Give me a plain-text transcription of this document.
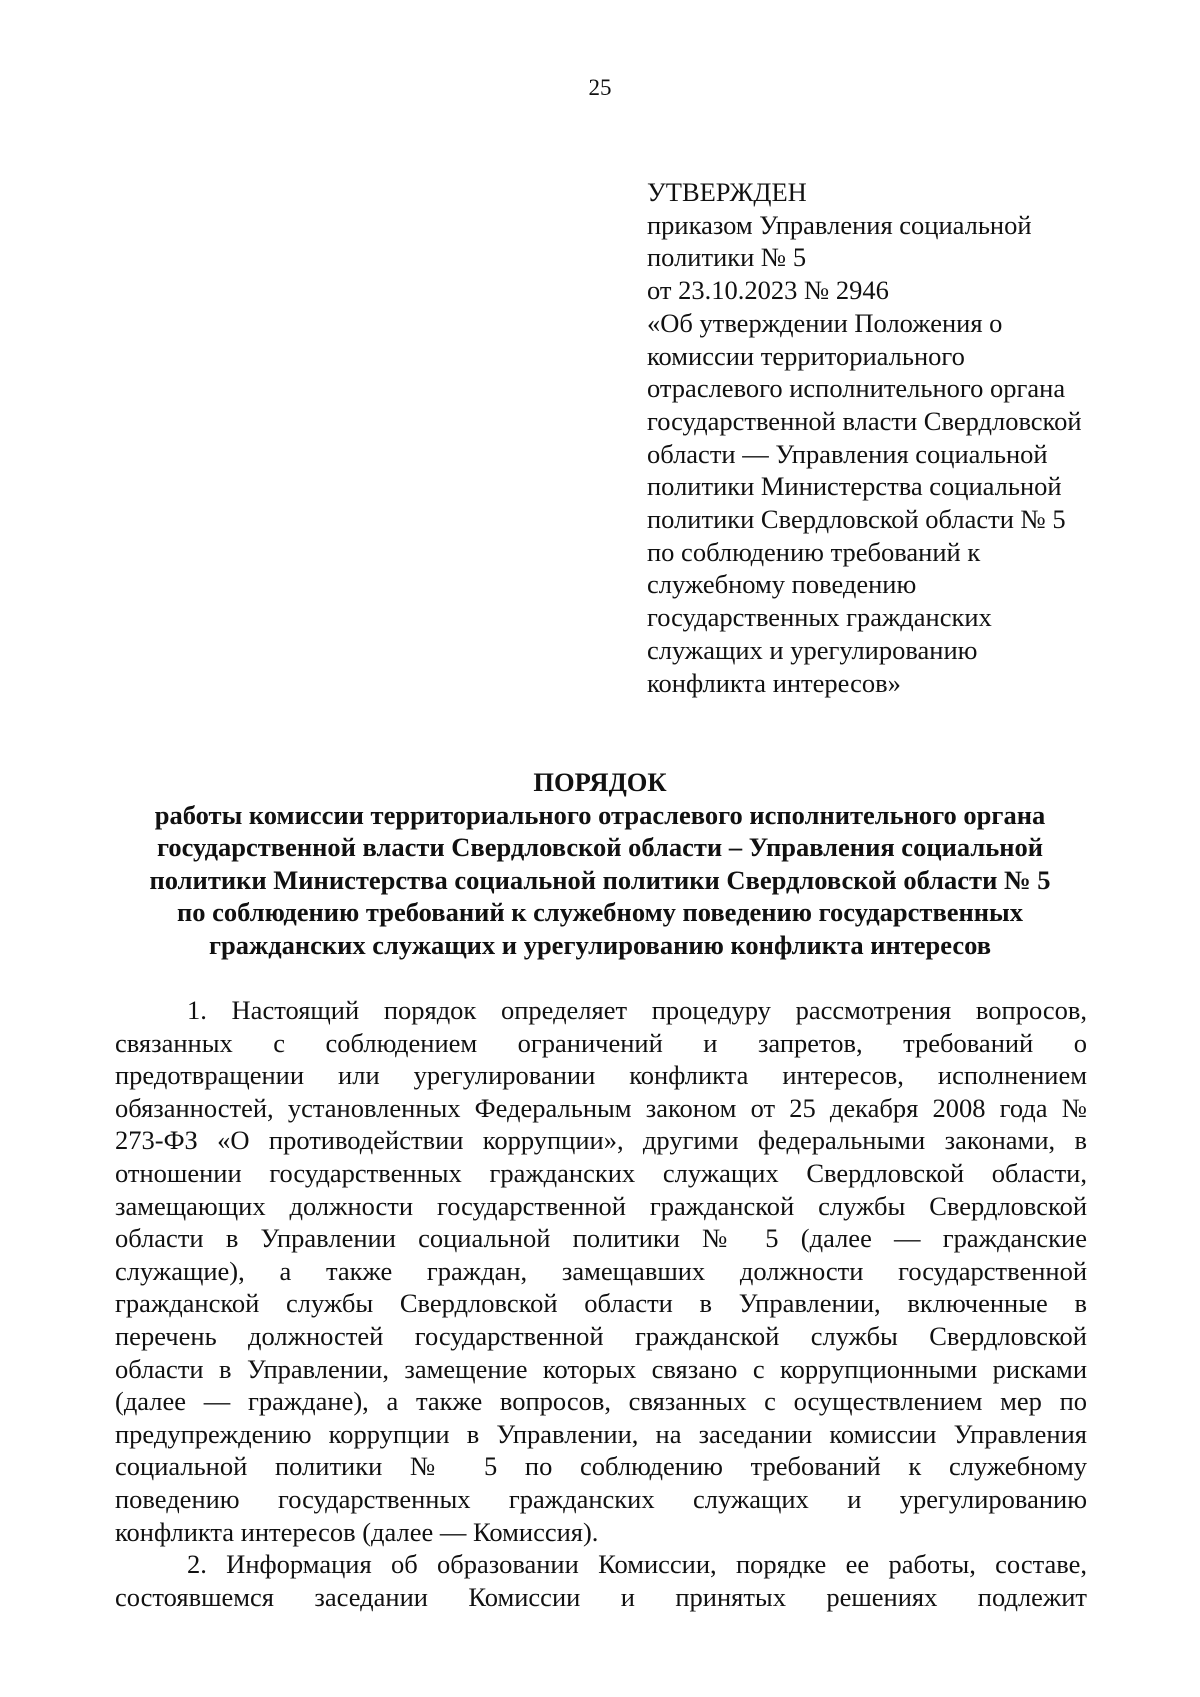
25
УТВЕРЖДЕН
приказом Управления социальной
политики № 5
от 23.10.2023 № 2946
«Об утверждении Положения о
комиссии территориального
отраслевого исполнительного органа
государственной власти Свердловской
области — Управления социальной
политики Министерства социальной
политики Свердловской области № 5
по соблюдению требований к
служебному поведению
государственных гражданских
служащих и урегулированию
конфликта интересов»
ПОРЯДОК
работы комиссии территориального отраслевого исполнительного органа
государственной власти Свердловской области – Управления социальной
политики Министерства социальной политики Свердловской области № 5
по соблюдению требований к служебному поведению государственных
гражданских служащих и урегулированию конфликта интересов
1. Настоящий порядок определяет процедуру рассмотрения вопросов,
связанных с соблюдением ограничений и запретов, требований о
предотвращении или урегулировании конфликта интересов, исполнением
обязанностей, установленных Федеральным законом от 25 декабря 2008 года №
273-ФЗ «О противодействии коррупции», другими федеральными законами, в
отношении государственных гражданских служащих Свердловской области,
замещающих должности государственной гражданской службы Свердловской
области в Управлении социальной политики № 5 (далее — гражданские
служащие), а также граждан, замещавших должности государственной
гражданской службы Свердловской области в Управлении, включенные в
перечень должностей государственной гражданской службы Свердловской
области в Управлении, замещение которых связано с коррупционными рисками
(далее — граждане), а также вопросов, связанных с осуществлением мер по
предупреждению коррупции в Управлении, на заседании комиссии Управления
социальной политики № 5 по соблюдению требований к служебному
поведению государственных гражданских служащих и урегулированию
конфликта интересов (далее — Комиссия).
2. Информация об образовании Комиссии, порядке ее работы, составе,
состоявшемся заседании Комиссии и принятых решениях подлежит
